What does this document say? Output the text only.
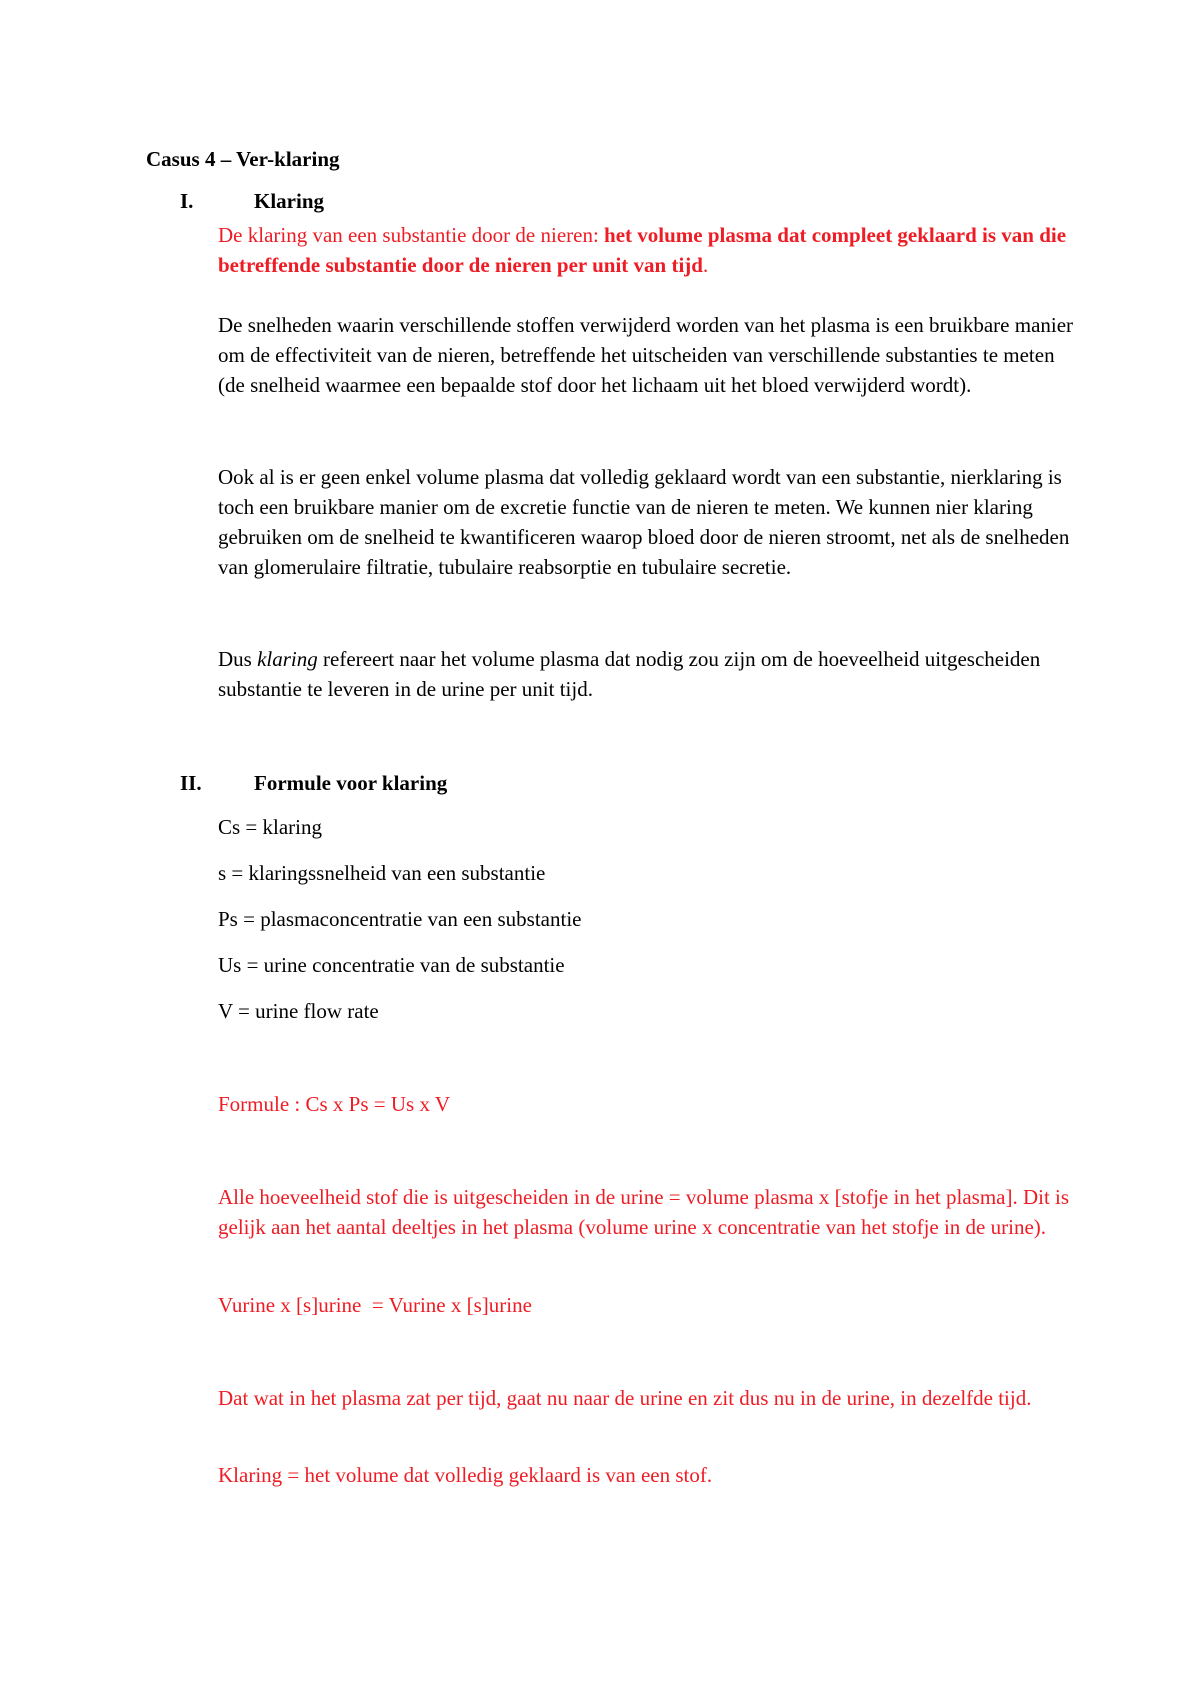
Casus 4 – Ver-klaring
I.	Klaring

De klaring van een substantie door de nieren: het volume plasma dat compleet geklaard is van die betreffende substantie door de nieren per unit van tijd.

De snelheden waarin verschillende stoffen verwijderd worden van het plasma is een bruikbare manier om de effectiviteit van de nieren, betreffende het uitscheiden van verschillende substanties te meten (de snelheid waarmee een bepaalde stof door het lichaam uit het bloed verwijderd wordt).

Ook al is er geen enkel volume plasma dat volledig geklaard wordt van een substantie, nierklaring is toch een bruikbare manier om de excretie functie van de nieren te meten. We kunnen nier klaring gebruiken om de snelheid te kwantificeren waarop bloed door de nieren stroomt, net als de snelheden van glomerulaire filtratie, tubulaire reabsorptie en tubulaire secretie.

Dus klaring refereert naar het volume plasma dat nodig zou zijn om de hoeveelheid uitgescheiden substantie te leveren in de urine per unit tijd.

II. Formule voor klaring
Cs = klaring
s = klaringssnelheid van een substantie
Ps = plasmaconcentratie van een substantie
Us = urine concentratie van de substantie
V = urine flow rate
Formule : Cs x Ps = Us x V

Alle hoeveelheid stof die is uitgescheiden in de urine = volume plasma x [stofje in het plasma]. Dit is gelijk aan het aantal deeltjes in het plasma (volume urine x concentratie van het stofje in de urine).

Vurine x [s]urine  = Vurine x [s]urine

Dat wat in het plasma zat per tijd, gaat nu naar de urine en zit dus nu in de urine, in dezelfde tijd.

Klaring = het volume dat volledig geklaard is van een stof.
